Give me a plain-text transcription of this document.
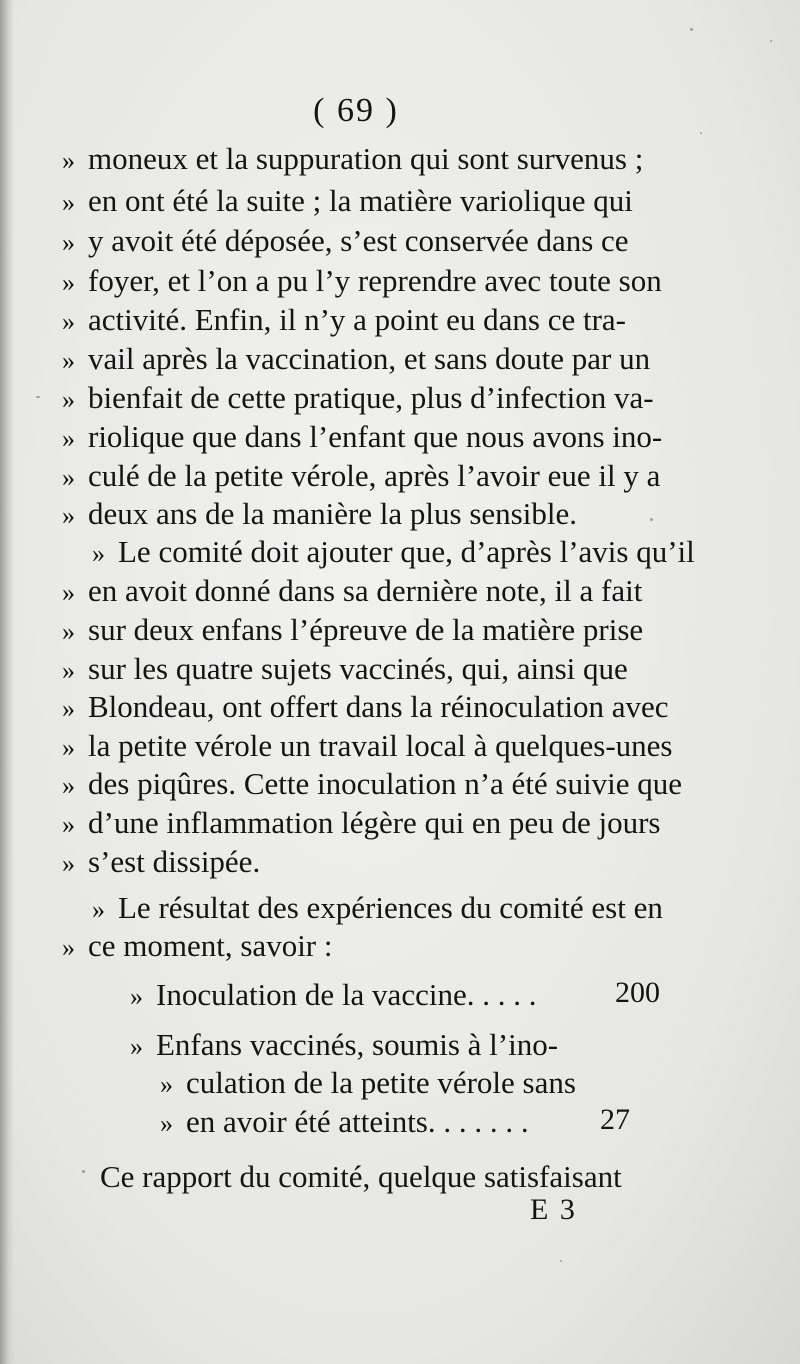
( 69 )
» moneux et la suppuration qui sont survenus ;
» en ont été la suite ; la matière variolique qui
» y avoit été déposée, s’est conservée dans ce
» foyer, et l’on a pu l’y reprendre avec toute son
» activité. Enfin, il n’y a point eu dans ce tra-
» vail après la vaccination, et sans doute par un
» bienfait de cette pratique, plus d’infection va-
» riolique que dans l’enfant que nous avons ino-
» culé de la petite vérole, après l’avoir eue il y a
» deux ans de la manière la plus sensible.
» Le comité doit ajouter que, d’après l’avis qu’il
» en avoit donné dans sa dernière note, il a fait
» sur deux enfans l’épreuve de la matière prise
» sur les quatre sujets vaccinés, qui, ainsi que
» Blondeau, ont offert dans la réinoculation avec
» la petite vérole un travail local à quelques-unes
» des piqûres. Cette inoculation n’a été suivie que
» d’une inflammation légère qui en peu de jours
» s’est dissipée.
» Le résultat des expériences du comité est en
» ce moment, savoir :
» Inoculation de la vaccine. . . . .	200
» Enfans vaccinés, soumis à l’ino-
» culation de la petite vérole sans
» en avoir été atteints. . . . . . .	27
Ce rapport du comité, quelque satisfaisant
E 3
